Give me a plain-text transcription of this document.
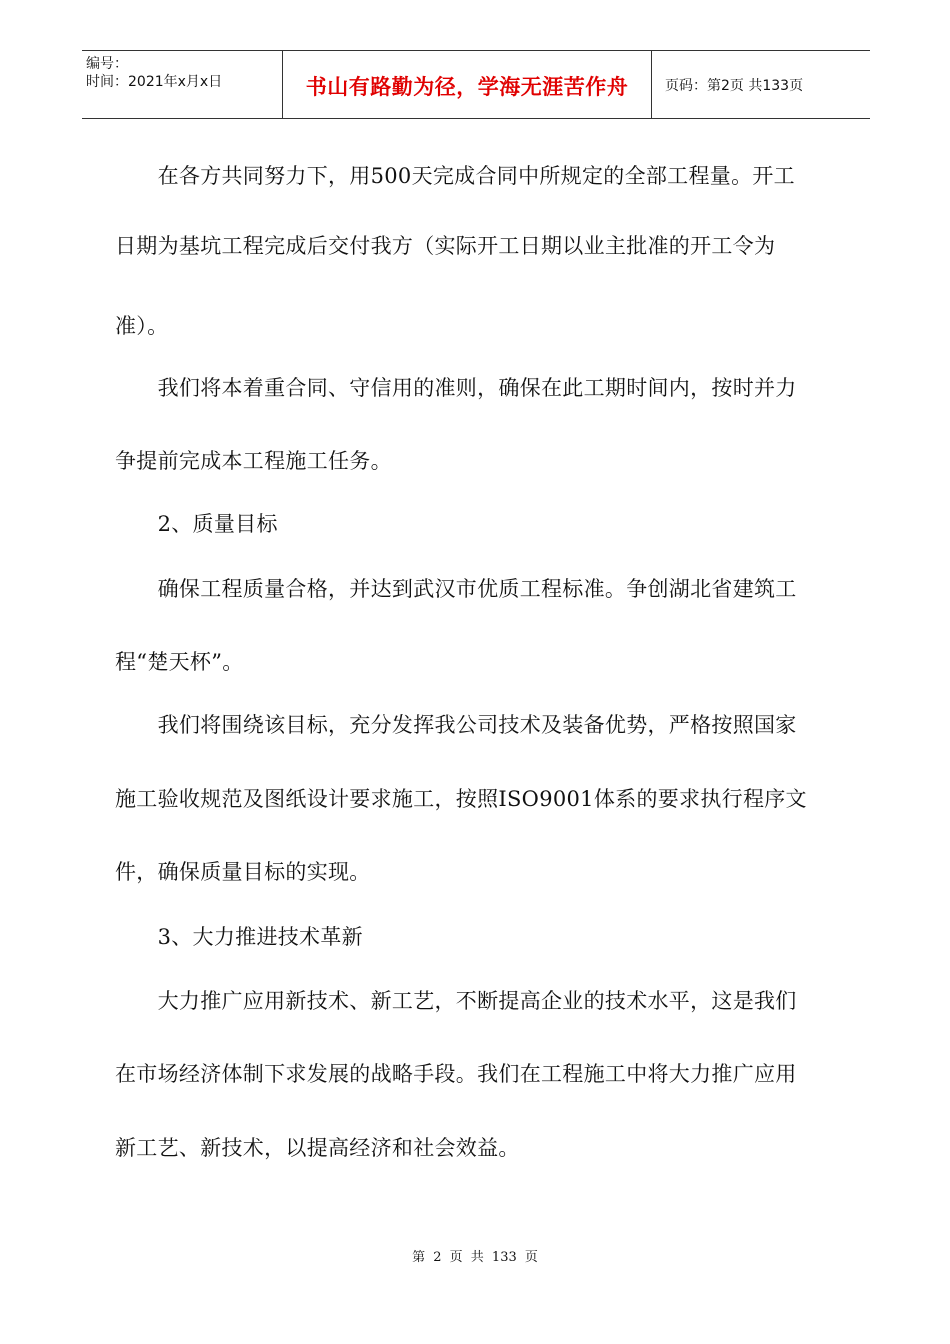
编号：
时间：2021年x月x日	书山有路勤为径，学海无涯苦作舟	页码：第2页 共133页
　　在各方共同努力下，用500天完成合同中所规定的全部工程量。开工
日期为基坑工程完成后交付我方（实际开工日期以业主批准的开工令为
准）。
　　我们将本着重合同、守信用的准则，确保在此工期时间内，按时并力
争提前完成本工程施工任务。
　　2、质量目标
　　确保工程质量合格，并达到武汉市优质工程标准。争创湖北省建筑工
程“楚天杯”。
　　我们将围绕该目标，充分发挥我公司技术及装备优势，严格按照国家
施工验收规范及图纸设计要求施工，按照ISO9001体系的要求执行程序文
件，确保质量目标的实现。
　　3、大力推进技术革新
　　大力推广应用新技术、新工艺，不断提高企业的技术水平，这是我们
在市场经济体制下求发展的战略手段。我们在工程施工中将大力推广应用
新工艺、新技术，以提高经济和社会效益。
第 2 页 共 133 页
